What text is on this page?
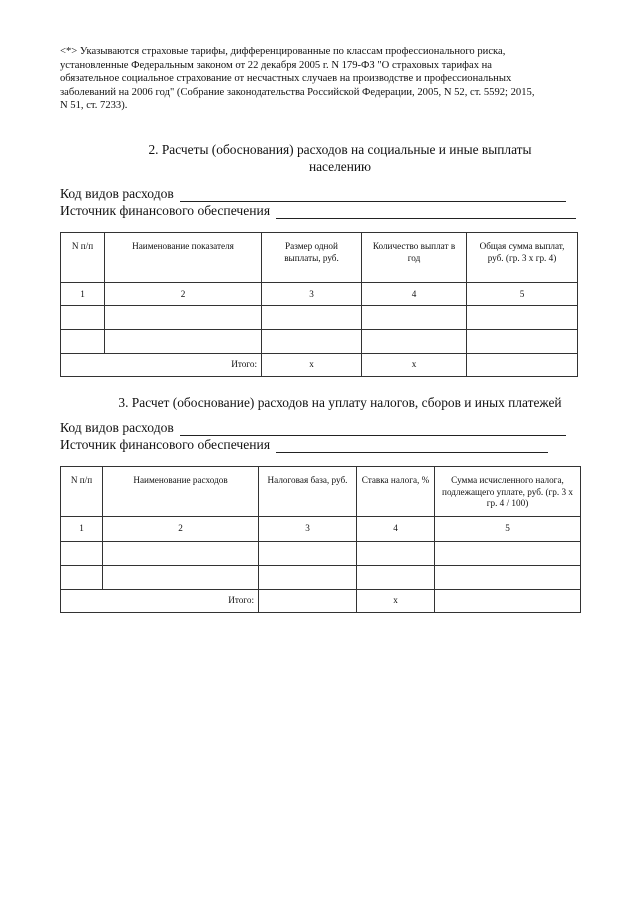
<*> Указываются страховые тарифы, дифференцированные по классам профессионального риска,
установленные Федеральным законом от 22 декабря 2005 г. N 179-ФЗ "О страховых тарифах на
обязательное социальное страхование от несчастных случаев на производстве и профессиональных
заболеваний на 2006 год" (Собрание законодательства Российской Федерации, 2005, N 52, ст. 5592; 2015,
N 51, ст. 7233).
2. Расчеты (обоснования) расходов на социальные и иные выплаты
населению
Код видов расходов
Источник финансового обеспечения
N п/п	Наименование показателя	Размер одной выплаты, руб.	Количество выплат в год	Общая сумма выплат, руб. (гр. 3 x гр. 4)
1	2	3	4	5

Итого:		x	x	
3. Расчет (обоснование) расходов на уплату налогов, сборов и иных платежей
Код видов расходов
Источник финансового обеспечения
N п/п	Наименование расходов	Налоговая база, руб.	Ставка налога, %	Сумма исчисленного налога, подлежащего уплате, руб. (гр. 3 x гр. 4 / 100)
1	2	3	4	5

Итого:			x	
